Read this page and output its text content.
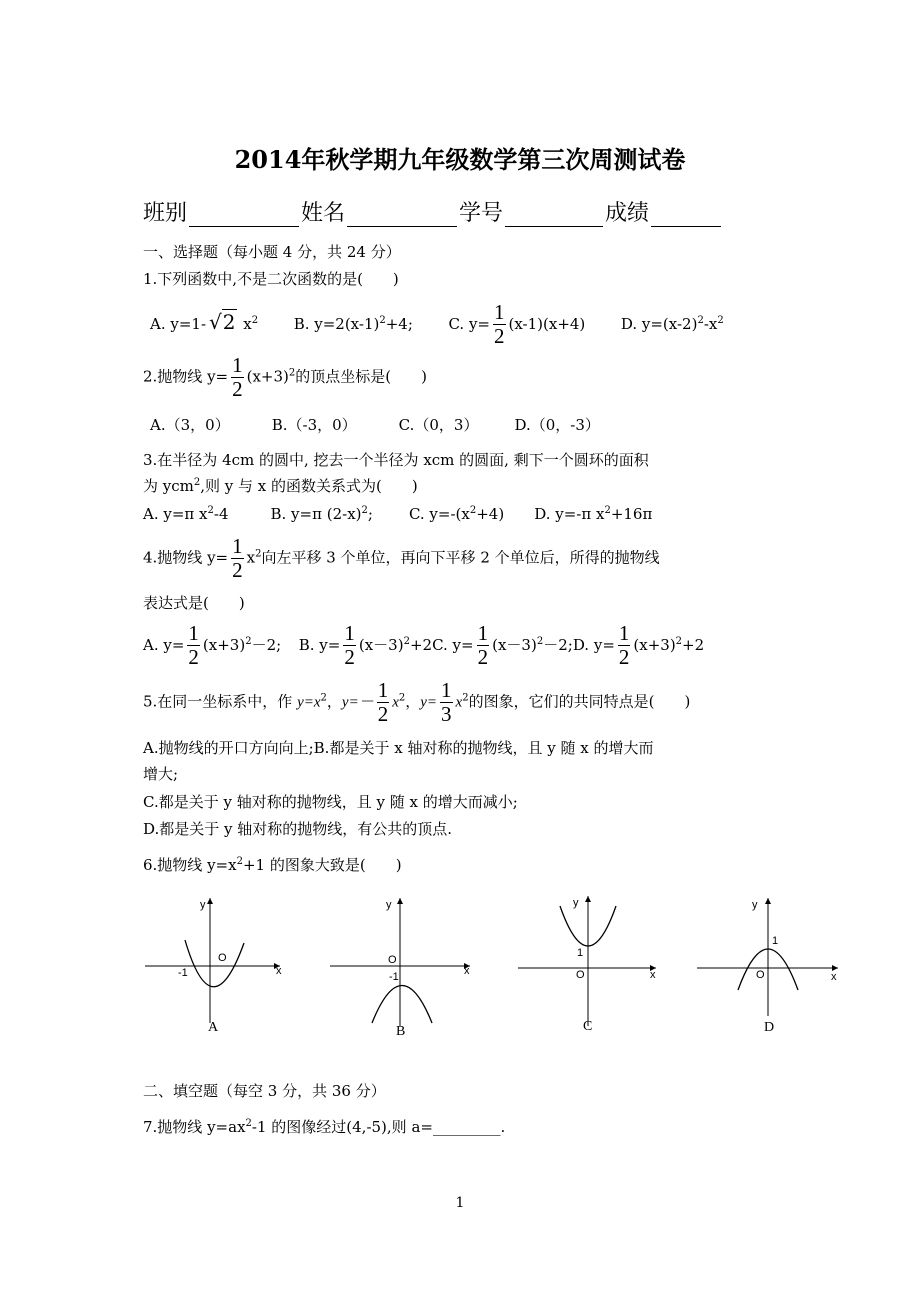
2014年秋学期九年级数学第三次周测试卷
班别	姓名	学号	成绩
一、选择题（每小题 4 分，共 24 分）
1.下列函数中,不是二次函数的是(　　)
A. y=1- √2 $x^2$ B. $y=2(x-1)^2+4$; C. $y= \frac{1}{2} (x-1)(x+4)$ D. $y=(x-2)^2-x^2$
2.抛物线 $y= \frac{1}{2} (x+3)^2$的顶点坐标是(　　)
A.（3，0）	B.（-3，0）	C.（0，3） D.（0，-3）
3.在半径为 4cm 的圆中, 挖去一个半径为 xcm 的圆面, 剩下一个圆环的面积
为 ycm$^2$,则 y 与 x 的函数关系式为(　　)
A. y=π $x^2-4$	B. y=π $(2-x)^2$; C. $y=-(x^2+4)$ D. y=-π $x^2+16\pi$
4.抛物线 $y= \frac{1}{2} x^2$向左平移 3 个单位，再向下平移 2 个单位后，所得的抛物线
表达式是(　　)
A. $y= \frac{1}{2} (x+3)^2-2$; B. $y= \frac{1}{2} (x-3)^2+2C$. $y= \frac{1}{2}$ $(x-3)^2-2;D$. $y= \frac{1}{2} (x+3)^2+2$
5.在同一坐标系中，作 $y=x^2$，$y=- \frac{1}{2} x^2$，$y= \frac{1}{3} x^2$的图象，它们的共同特点是(　　)
A.抛物线的开口方向向上;B.都是关于 x 轴对称的抛物线，且 y 随 x 的增大而
增大;
C.都是关于 y 轴对称的抛物线，且 y 随 x 的增大而减小;
D.都是关于 y 轴对称的抛物线，有公共的顶点.
6.抛物线 $y=x^2+1$ 的图象大致是(　　)
y
x
O
-1
A
y
x
O
-1
B
y
x
O
1
C
y
x
O
1
D
二、填空题（每空 3 分，共 36 分）
7.抛物线 $y=ax^2-1$ 的图像经过(4,-5),则 a=_________.
1
